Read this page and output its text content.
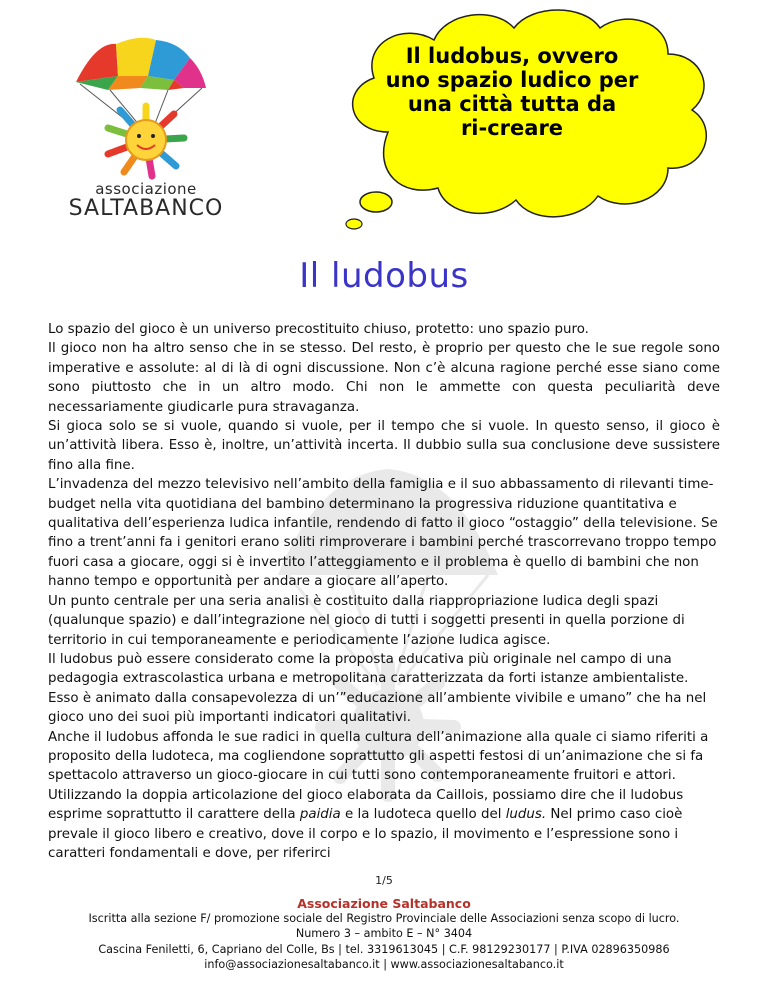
associazione
SALTABANCO
Il ludobus, ovvero
uno spazio ludico per
una città tutta da
ri-creare
Il ludobus

Lo spazio del gioco è un universo precostituito chiuso, protetto: uno spazio puro.

Il gioco non ha altro senso che in se stesso. Del resto, è proprio per questo che le sue regole sono imperative e assolute: al di là di ogni discussione. Non c’è alcuna ragione perché esse siano come sono piuttosto che in un altro modo. Chi non le ammette con questa peculiarità deve necessariamente giudicarle pura stravaganza.

Si gioca solo se si vuole, quando si vuole, per il tempo che si vuole. In questo senso, il gioco è un’attività libera. Esso è, inoltre, un’attività incerta. Il dubbio sulla sua conclusione deve sussistere fino alla fine.

L’invadenza del mezzo televisivo nell’ambito della famiglia e il suo abbassamento di rilevanti time-budget nella vita quotidiana del bambino determinano la progressiva riduzione quantitativa e qualitativa dell’esperienza ludica infantile, rendendo di fatto il gioco “ostaggio” della televisione. Se fino a trent’anni fa i genitori erano soliti rimproverare i bambini perché trascorrevano troppo tempo fuori casa a giocare, oggi si è invertito l’atteggiamento e il problema è quello di bambini che non hanno tempo e opportunità per andare a giocare all’aperto.

Un punto centrale per una seria analisi è costituito dalla riappropriazione ludica degli spazi (qualunque spazio) e dall’integrazione nel gioco di tutti i soggetti presenti in quella porzione di territorio in cui temporaneamente e periodicamente l’azione ludica agisce.

Il ludobus può essere considerato come la proposta educativa più originale nel campo di una pedagogia extrascolastica urbana e metropolitana caratterizzata da forti istanze ambientaliste. Esso è animato dalla consapevolezza di un’”educazione all’ambiente vivibile e umano” che ha nel gioco uno dei suoi più importanti indicatori qualitativi.

Anche il ludobus affonda le sue radici in quella cultura dell’animazione alla quale ci siamo riferiti a proposito della ludoteca, ma cogliendone soprattutto gli aspetti festosi di un’animazione che si fa spettacolo attraverso un gioco-giocare in cui tutti sono contemporaneamente fruitori e attori. Utilizzando la doppia articolazione del gioco elaborata da Caillois, possiamo dire che il ludobus esprime soprattutto il carattere della paidia e la ludoteca quello del ludus. Nel primo caso cioè prevale il gioco libero e creativo, dove il corpo e lo spazio, il movimento e l’espressione sono i caratteri fondamentali e dove, per riferirci

1/5
Associazione Saltabanco
Iscritta alla sezione F/ promozione sociale del Registro Provinciale delle Associazioni senza scopo di lucro.
Numero 3 – ambito E – N° 3404
Cascina Feniletti, 6, Capriano del Colle, Bs | tel. 3319613045 | C.F. 98129230177 | P.IVA 02896350986
info@associazionesaltabanco.it | www.associazionesaltabanco.it
